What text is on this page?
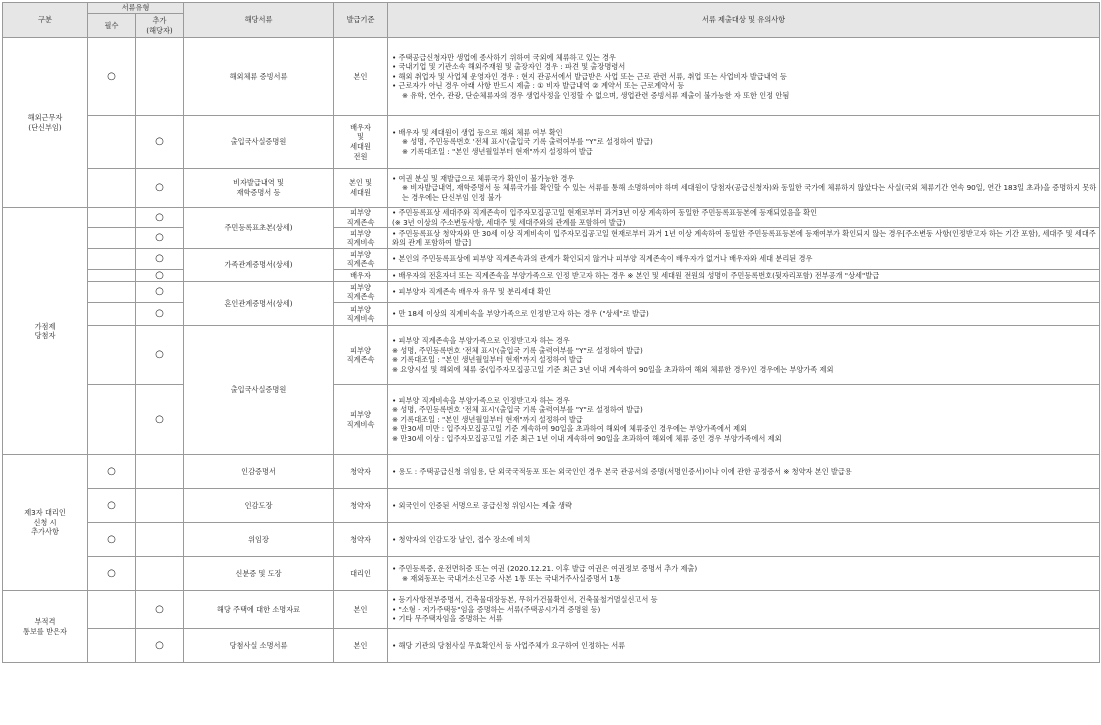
구분	서류유형		해당서류	발급기준	서류 제출대상 및 유의사항
	필수	추가
(해당자)			

해외근무자
(단신부임)	○		해외체류 증빙서류	본인	• 주택공급신청자만 생업에 종사하기 위하여 국외에 체류하고 있는 경우
• 국내기업 및 기관소속 해외주재원 및 출장자인 경우 : 파견 및 출장명령서
• 해외 취업자 및 사업체 운영자인 경우 : 현지 관공서에서 발급받은 사업 또는 근로 관련 서류, 취업 또는 사업비자 발급내역 등
• 근로자가 아닌 경우 아래 사항 반드시 제출 : ① 비자 발급내역 ② 계약서 또는 근로계약서 등
※ 유학, 연수, 관광, 단순체류자의 경우 생업사정을 인정할 수 없으며, 생업관련 증빙서류 제출이 불가능한 자 또한 인정 안됨

		○	출입국사실증명원	배우자
및
세대원
전원	• 배우자 및 세대원이 생업 등으로 해외 체류 여부 확인
※ 성명, 주민등록번호 '전체 표시'(출입국 기록 출력여부를 "Y"로 설정하여 발급)
※ 기록대조일 : "본인 생년월일부터 현재"까지 설정하여 발급

		○	비자발급내역 및
재학증명서 등	본인 및
세대원	• 여권 분실 및 재발급으로 체류국가 확인이 불가능한 경우
※ 비자발급내역, 재학증명서 등 체류국가를 확인할 수 있는 서류를 통해 소명하여야 하며 세대원이 당첨자(공급신청자)와 동일한 국가에 체류하지 않았다는 사실(국외 체류기간 연속 90일, 연간 183일 초과)을 증명하지 못하는 경우에는 단신부임 인정 불가

가점제
당첨자		○	주민등록표초본(상세)	피부양
직계존속	• 주민등록표상 세대주와 직계존속이 입주자모집공고일 현재로부터 과거3년 이상 계속하여 동일한 주민등록표등본에 등재되었음을 확인
(※ 3년 이상의 주소변동사항, 세대주 및 세대주와의 관계를 포함하여 발급)

		○		피부양
직계비속	• 주민등록표상 청약자와 만 30세 이상 직계비속이 입주자모집공고일 현재로부터 과거 1년 이상 계속하여 동일한 주민등록표등본에 등재여부가 확인되지 않는 경우[주소변동 사항(인정받고자 하는 기간 포함), 세대주 및 세대주와의 관계 포함하여 발급]

		○	가족관계증명서(상세)	피부양
직계존속	• 본인의 주민등록표상에 피부양 직계존속과의 관계가 확인되지 않거나 피부양 직계존속이 배우자가 없거나 배우자와 세대 분리된 경우

		○		배우자	• 배우자의 전혼자녀 또는 직계존속을 부양가족으로 인정 받고자 하는 경우 ※ 본인 및 세대원 전원의 성명이 주민등록번호(뒷자리포함) 전부공개 "상세"발급

		○	혼인관계증명서(상세)	피부양
직계존속	• 피부양자 직계존속 배우자 유무 및 분리세대 확인

		○		피부양
직계비속	• 만 18세 이상의 직계비속을 부양가족으로 인정받고자 하는 경우 ("상세"로 발급)

		○	출입국사실증명원	피부양
직계존속	• 피부양 직계존속을 부양가족으로 인정받고자 하는 경우
※ 성명, 주민등록번호 '전체 표시'(출입국 기록 출력여부를 "Y"로 설정하여 발급)
※ 기록대조일 : "본인 생년월일부터 현재"까지 설정하여 발급
※ 요양시설 및 해외에 체류 중(입주자모집공고일 기준 최근 3년 이내 계속하여 90일을 초과하여 해외 체류한 경우)인 경우에는 부양가족 제외

		○		피부양
직계비속	• 피부양 직계비속을 부양가족으로 인정받고자 하는 경우
※ 성명, 주민등록번호 '전체 표시'(출입국 기록 출력여부를 "Y"로 설정하여 발급)
※ 기록대조일 : "본인 생년월일부터 현재"까지 설정하여 발급
※ 만30세 미만 : 입주자모집공고일 기준 계속하여 90일을 초과하여 해외에 체류중인 경우에는 부양가족에서 제외
※ 만30세 이상 : 입주자모집공고일 기준 최근 1년 이내 계속하여 90일을 초과하여 해외에 체류 중인 경우 부양가족에서 제외

제3자 대리인
신청 시
추가사항	○		인감증명서	청약자	• 용도 : 주택공급신청 위임용, 단 외국국적동포 또는 외국인인 경우 본국 관공서의 증명(서명인증서)이나 이에 관한 공정증서 ※ 청약자 본인 발급용

	○		인감도장	청약자	• 외국인이 인증된 서명으로 공급신청 위임시는 제출 생략

	○		위임장	청약자	• 청약자의 인감도장 날인, 접수 장소에 비치

	○		신분증 및 도장	대리인	• 주민등록증, 운전면허증 또는 여권 (2020.12.21. 이후 발급 여권은 여권정보 증명서 추가 제출)
※ 재외동포는 국내거소신고증 사본 1통 또는 국내거주사실증명서 1통

부적격
통보를 받은자		○	해당 주택에 대한 소명자료	본인	• 등기사항전부증명서, 건축물대장등본, 무허가건물확인서, 건축물철거멸실신고서 등
• "소형 · 저가주택등"임을 증명하는 서류(주택공시가격 증명원 등)
• 기타 무주택자임을 증명하는 서류

		○	당첨사실 소명서류	본인	• 해당 기관의 당첨사실 무효확인서 등 사업주체가 요구하여 인정하는 서류
